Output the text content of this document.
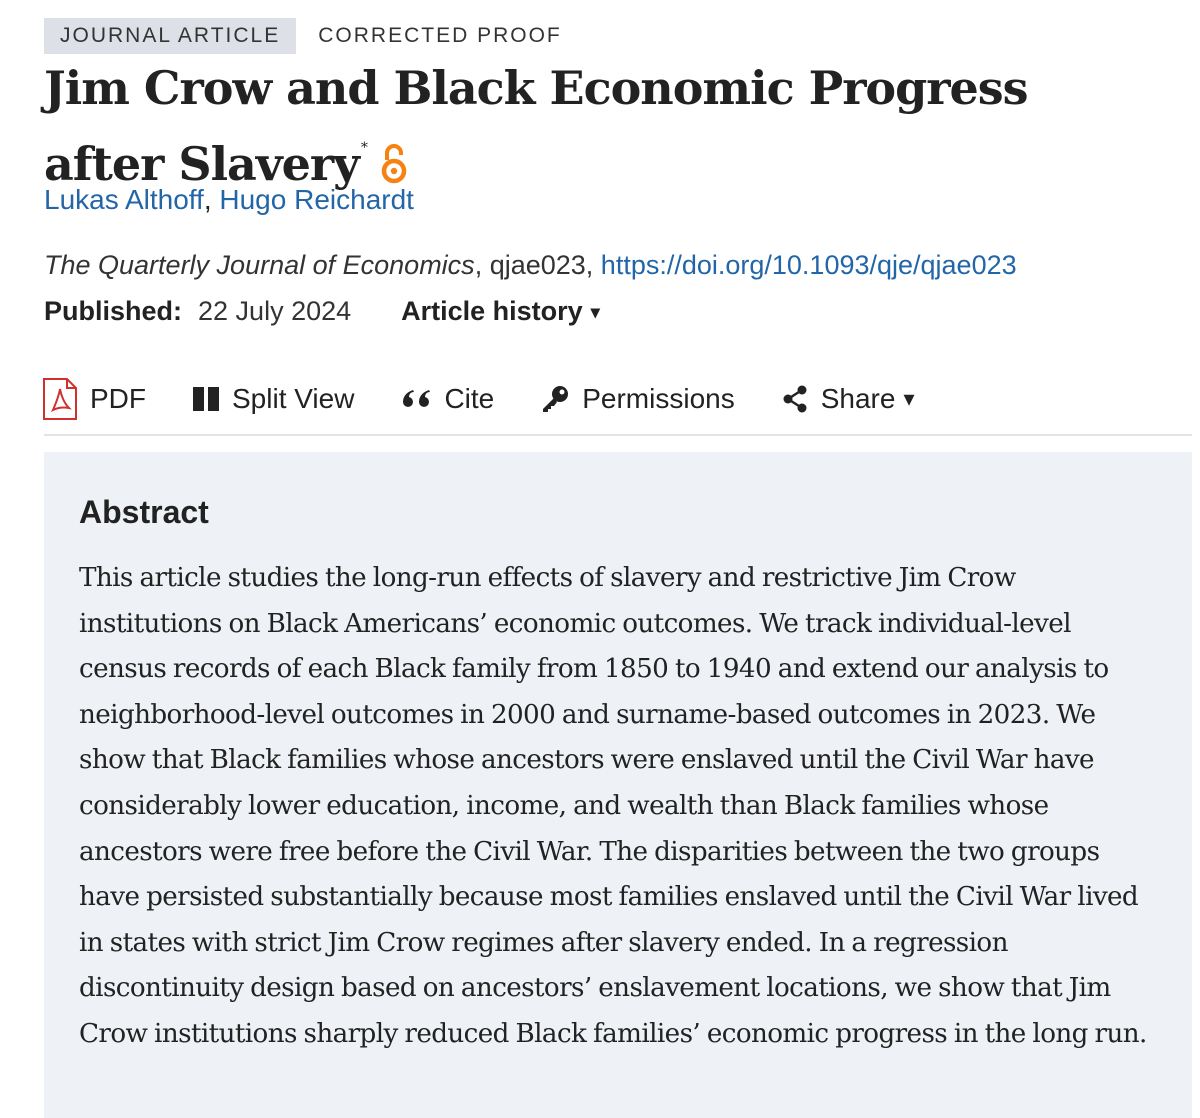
JOURNAL ARTICLE	CORRECTED PROOF
Jim Crow and Black Economic Progress after Slavery *
Lukas Althoff, Hugo Reichardt
The Quarterly Journal of Economics, qjae023, https://doi.org/10.1093/qje/qjae023
Published: 22 July 2024 Article history ▾
PDF	Split View	Cite	Permissions	Share ▾
Abstract

This article studies the long-run effects of slavery and restrictive Jim Crow institutions on Black Americans’ economic outcomes. We track individual-level census records of each Black family from 1850 to 1940 and extend our analysis to neighborhood-level outcomes in 2000 and surname-based outcomes in 2023. We show that Black families whose ancestors were enslaved until the Civil War have considerably lower education, income, and wealth than Black families whose ancestors were free before the Civil War. The disparities between the two groups have persisted substantially because most families enslaved until the Civil War lived in states with strict Jim Crow regimes after slavery ended. In a regression discontinuity design based on ancestors’ enslavement locations, we show that Jim Crow institutions sharply reduced Black families’ economic progress in the long run.
